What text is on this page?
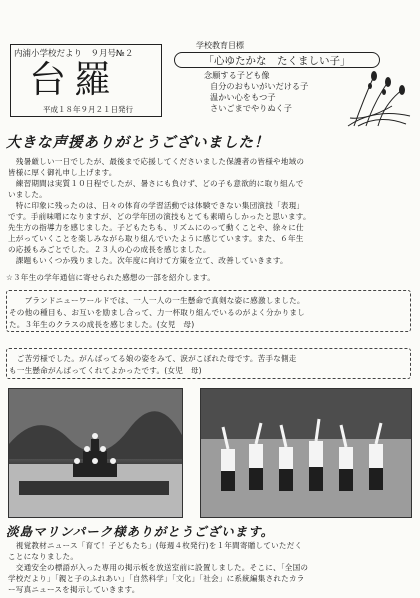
内浦小学校だより　９月号№２
台羅
平成１８年９月２１日発行
学校教育目標
「心ゆたかな　たくましい子」
念願する子ども像
自分のおもいがいだける子
温かい心をもつ子
さいごまでやりぬく子
大きな声援ありがとうございました！
　残暑厳しい一日でしたが、最後まで応援してくださいました保護者の皆様や地域の
皆様に厚く御礼申し上げます。
　練習期間は実質１０日程でしたが、暑さにも負けず、どの子も意欲的に取り組んで
いました。
　特に印象に残ったのは、日々の体育の学習活動では体験できない集団演技「表現」
です。手前味噌になりますが、どの学年団の演技もとても素晴らしかったと思います。
先生方の指導力を感じました。子どもたちも、リズムにのって動くことや、徐々に仕
上がっていくことを楽しみながら取り組んでいたように感じています。また、６年生
の応援もみごとでした。２３人の心の成長を感じました。
　課題もいくつか残りました。次年度に向けて方策を立て、改善していきます。
☆３年生の学年通信に寄せられた感想の一部を紹介します。
　　ブランドニューワールドでは、一人一人の一生懸命で真剣な姿に感激しました。
その他の種目も、お互いを励まし合って、力一杯取り組んでいるのがよく分かりまし
た。３年生のクラスの成長を感じました。(女児　母)
　ご苦労様でした。がんばってる娘の姿をみて、涙がこぼれた母です。苦手な側走
も一生懸命がんばってくれてよかったです。(女児　母)
淡島マリンパーク様ありがとうございます。
　視覚教材ニュース「育て！子どもたち」(毎週４枚発行)を１年間寄贈していただく
ことになりました。
　交通安全の標語が入った専用の掲示板を放送室前に設置しました。そこに、「全国の
学校だより」「親と子のふれあい」「自然科学」「文化」「社会」に系統編集されたカラ
ー写真ニュースを掲示していきます。
